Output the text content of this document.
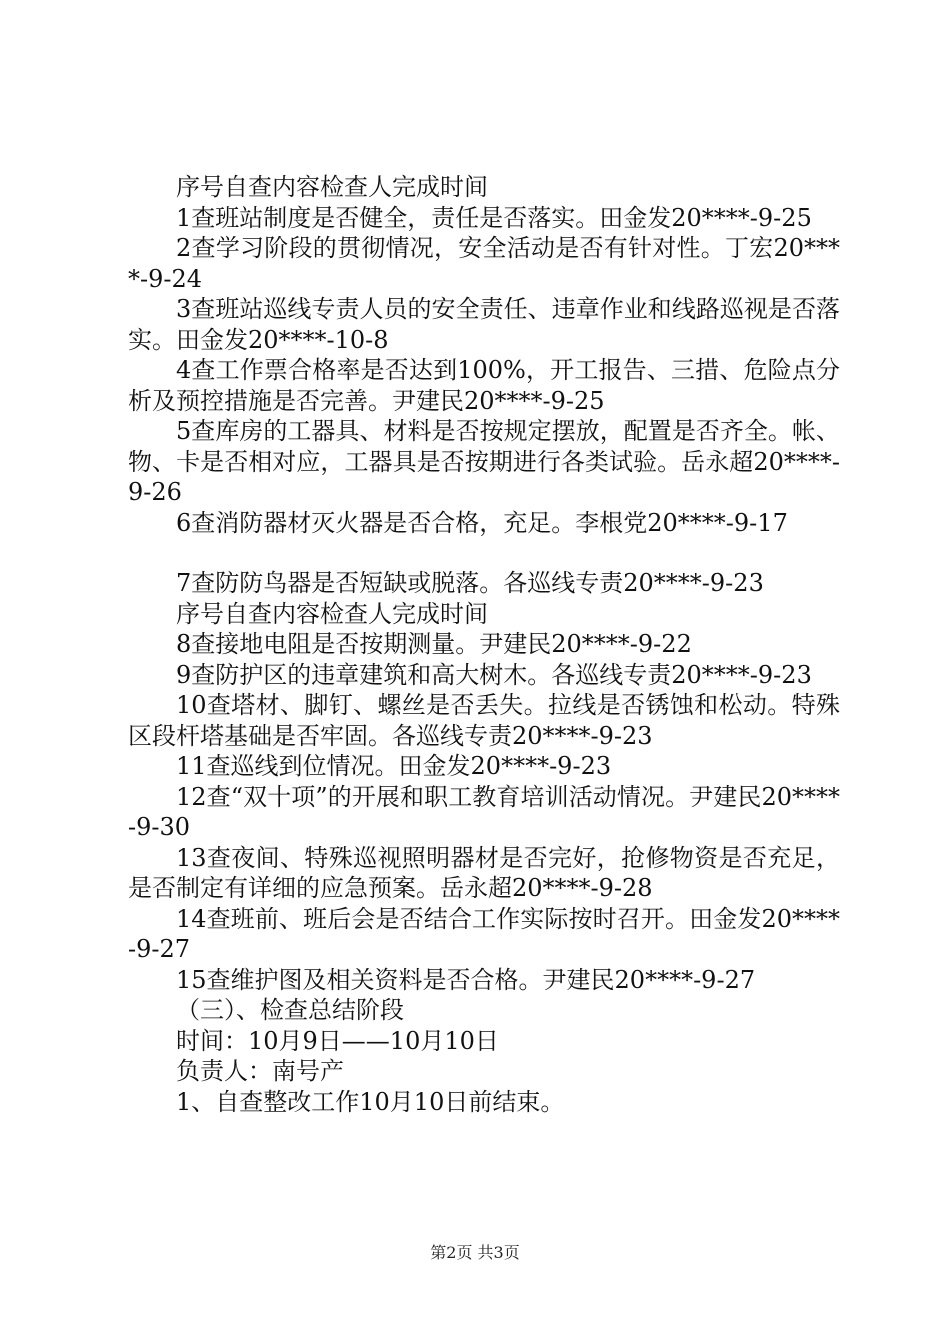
序号自查内容检查人完成时间

1查班站制度是否健全，责任是否落实。田金发20****-9-25

2查学习阶段的贯彻情况，安全活动是否有针对性。丁宏20****-9-24

3查班站巡线专责人员的安全责任、违章作业和线路巡视是否落实。田金发20****-10-8

4查工作票合格率是否达到100%，开工报告、三措、危险点分析及预控措施是否完善。尹建民20****-9-25

5查库房的工器具、材料是否按规定摆放，配置是否齐全。帐、物、卡是否相对应，工器具是否按期进行各类试验。岳永超20****-9-26

6查消防器材灭火器是否合格，充足。李根党20****-9-17

7查防防鸟器是否短缺或脱落。各巡线专责20****-9-23

序号自查内容检查人完成时间

8查接地电阻是否按期测量。尹建民20****-9-22

9查防护区的违章建筑和高大树木。各巡线专责20****-9-23

10查塔材、脚钉、螺丝是否丢失。拉线是否锈蚀和松动。特殊区段杆塔基础是否牢固。各巡线专责20****-9-23

11查巡线到位情况。田金发20****-9-23

12查“双十项”的开展和职工教育培训活动情况。尹建民20****-9-30

13查夜间、特殊巡视照明器材是否完好，抢修物资是否充足，是否制定有详细的应急预案。岳永超20****-9-28

14查班前、班后会是否结合工作实际按时召开。田金发20****-9-27

15查维护图及相关资料是否合格。尹建民20****-9-27

（三）、检查总结阶段

时间：10月9日——10月10日

负责人：南号产

1、自查整改工作10月10日前结束。

第2页 共3页
